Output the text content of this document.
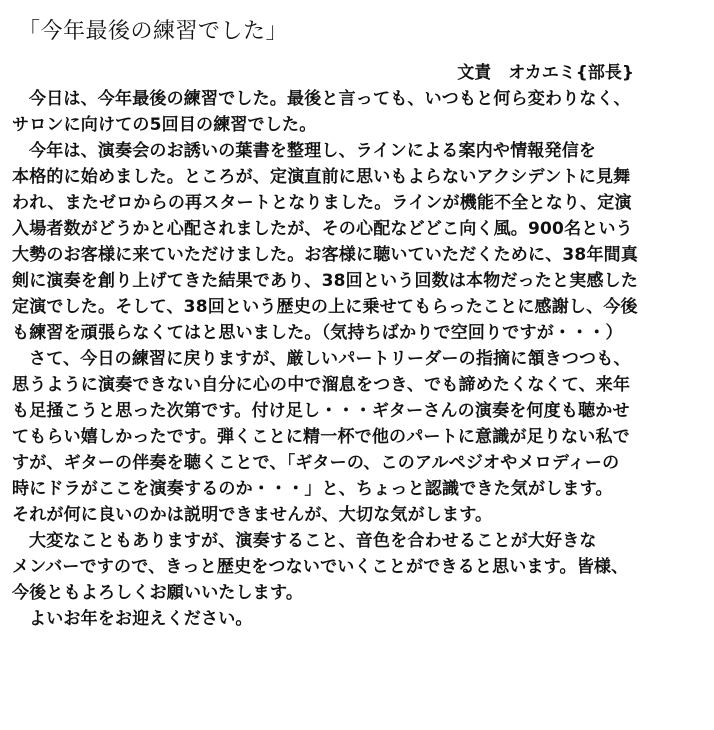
「今年最後の練習でした」
文責　オカエミ{部長}
今日は、今年最後の練習でした。最後と言っても、いつもと何ら変わりなく、
サロンに向けての5回目の練習でした。
今年は、演奏会のお誘いの葉書を整理し、ラインによる案内や情報発信を
本格的に始めました。ところが、定演直前に思いもよらないアクシデントに見舞
われ、またゼロからの再スタートとなりました。ラインが機能不全となり、定演
入場者数がどうかと心配されましたが、その心配などどこ向く風。900名という
大勢のお客様に来ていただけました。お客様に聴いていただくために、38年間真
剣に演奏を創り上げてきた結果であり、38回という回数は本物だったと実感した
定演でした。そして、38回という歴史の上に乗せてもらったことに感謝し、今後
も練習を頑張らなくてはと思いました。（気持ちばかりで空回りですが・・・）
さて、今日の練習に戻りますが、厳しいパートリーダーの指摘に頷きつつも、
思うように演奏できない自分に心の中で溜息をつき、でも諦めたくなくて、来年
も足掻こうと思った次第です。付け足し・・・ギターさんの演奏を何度も聴かせ
てもらい嬉しかったです。弾くことに精一杯で他のパートに意識が足りない私で
すが、ギターの伴奏を聴くことで、「ギターの、このアルペジオやメロディーの
時にドラがここを演奏するのか・・・」と、ちょっと認識できた気がします。
それが何に良いのかは説明できませんが、大切な気がします。
大変なこともありますが、演奏すること、音色を合わせることが大好きな
メンバーですので、きっと歴史をつないでいくことができると思います。皆様、
今後ともよろしくお願いいたします。
よいお年をお迎えください。
